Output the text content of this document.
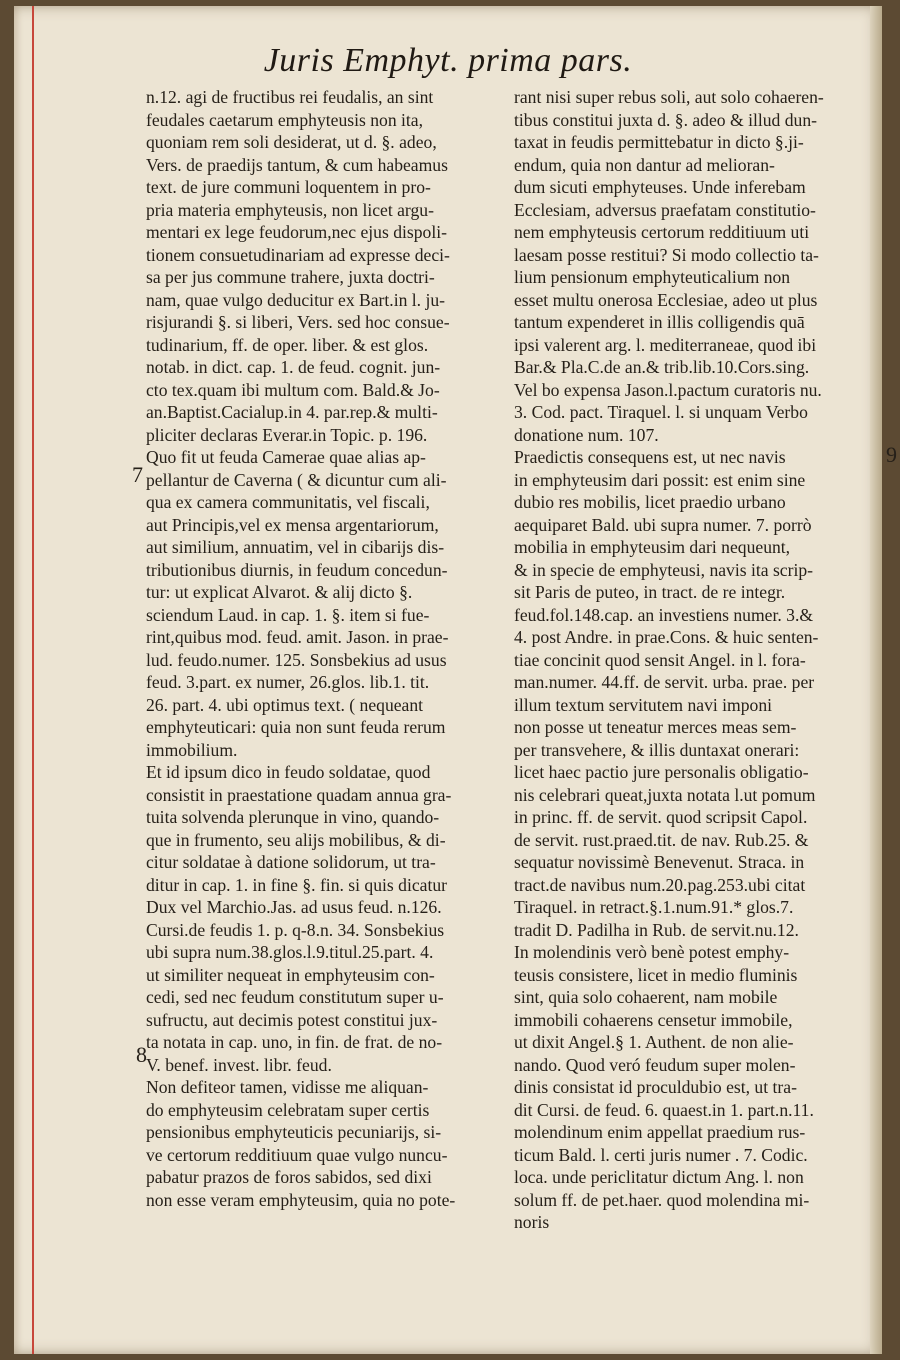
Juris Emphyt. prima pars.
n.12. agi de fructibus rei feudalis, an sint
feudales caetarum emphyteusis non ita,
quoniam rem soli desiderat, ut d. §. adeo,
Vers. de praedijs tantum, & cum habeamus
text. de jure communi loquentem in pro-
pria materia emphyteusis, non licet argu-
mentari ex lege feudorum,nec ejus dispoli-
tionem consuetudinariam ad expresse deci-
sa per jus commune trahere, juxta doctri-
nam, quae vulgo deducitur ex Bart.in l. ju-
risjurandi §. si liberi, Vers. sed hoc consue-
tudinarium, ff. de oper. liber. & est glos.
notab. in dict. cap. 1. de feud. cognit. jun-
cto tex.quam ibi multum com. Bald.& Jo-
an.Baptist.Cacialup.in 4. par.rep.& multi-
pliciter declaras Everar.in Topic. p. 196.
Quo fit ut feuda Camerae quae alias ap-
pellantur de Caverna ( & dicuntur cum ali-
qua ex camera communitatis, vel fiscali,
aut Principis,vel ex mensa argentariorum,
aut similium, annuatim, vel in cibarijs dis-
tributionibus diurnis, in feudum concedun-
tur: ut explicat Alvarot. & alij dicto §.
sciendum Laud. in cap. 1. §. item si fue-
rint,quibus mod. feud. amit. Jason. in prae-
lud. feudo.numer. 125. Sonsbekius ad usus
feud. 3.part. ex numer, 26.glos. lib.1. tit.
26. part. 4. ubi optimus text. ( nequeant
emphyteuticari: quia non sunt feuda rerum
immobilium.
Et id ipsum dico in feudo soldatae, quod
consistit in praestatione quadam annua gra-
tuita solvenda plerunque in vino, quando-
que in frumento, seu alijs mobilibus, & di-
citur soldatae à datione solidorum, ut tra-
ditur in cap. 1. in fine §. fin. si quis dicatur
Dux vel Marchio.Jas. ad usus feud. n.126.
Cursi.de feudis 1. p. q-8.n. 34. Sonsbekius
ubi supra num.38.glos.l.9.titul.25.part. 4.
ut similiter nequeat in emphyteusim con-
cedi, sed nec feudum constitutum super u-
sufructu, aut decimis potest constitui jux-
ta notata in cap. uno, in fin. de frat. de no-
V. benef. invest. libr. feud.
Non defiteor tamen, vidisse me aliquan-
do emphyteusim celebratam super certis
pensionibus emphyteuticis pecuniarijs, si-
ve certorum redditiuum quae vulgo nuncu-
pabatur prazos de foros sabidos, sed dixi
non esse veram emphyteusim, quia no pote-
rant nisi super rebus soli, aut solo cohaeren-
tibus constitui juxta d. §. adeo & illud dun-
taxat in feudis permittebatur in dicto §.ji-
endum, quia non dantur ad melioran-
dum sicuti emphyteuses. Unde inferebam
Ecclesiam, adversus praefatam constitutio-
nem emphyteusis certorum redditiuum uti
laesam posse restitui? Si modo collectio ta-
lium pensionum emphyteuticalium non
esset multu onerosa Ecclesiae, adeo ut plus
tantum expenderet in illis colligendis quā
ipsi valerent arg. l. mediterraneae, quod ibi
Bar.& Pla.C.de an.& trib.lib.10.Cors.sing.
Vel bo expensa Jason.l.pactum curatoris nu.
3. Cod. pact. Tiraquel. l. si unquam Verbo
donatione num. 107.
Praedictis consequens est, ut nec navis
in emphyteusim dari possit: est enim sine
dubio res mobilis, licet praedio urbano
aequiparet Bald. ubi supra numer. 7. porrò
mobilia in emphyteusim dari nequeunt,
& in specie de emphyteusi, navis ita scrip-
sit Paris de puteo, in tract. de re integr.
feud.fol.148.cap. an investiens numer. 3.&
4. post Andre. in prae.Cons. & huic senten-
tiae concinit quod sensit Angel. in l. fora-
man.numer. 44.ff. de servit. urba. prae. per
illum textum servitutem navi imponi
non posse ut teneatur merces meas sem-
per transvehere, & illis duntaxat onerari:
licet haec pactio jure personalis obligatio-
nis celebrari queat,juxta notata l.ut pomum
in princ. ff. de servit. quod scripsit Capol.
de servit. rust.praed.tit. de nav. Rub.25. &
sequatur novissimè Benevenut. Straca. in
tract.de navibus num.20.pag.253.ubi citat
Tiraquel. in retract.§.1.num.91.* glos.7.
tradit D. Padilha in Rub. de servit.nu.12.
In molendinis verò benè potest emphy-
teusis consistere, licet in medio fluminis
sint, quia solo cohaerent, nam mobile
immobili cohaerens censetur immobile,
ut dixit Angel.§ 1. Authent. de non alie-
nando. Quod veró feudum super molen-
dinis consistat id proculdubio est, ut tra-
dit Cursi. de feud. 6. quaest.in 1. part.n.11.
molendinum enim appellat praedium rus-
ticum Bald. l. certi juris numer . 7. Codic.
loca. unde periclitatur dictum Ang. l. non
solum ff. de pet.haer. quod molendina mi-
noris
7
8
9
